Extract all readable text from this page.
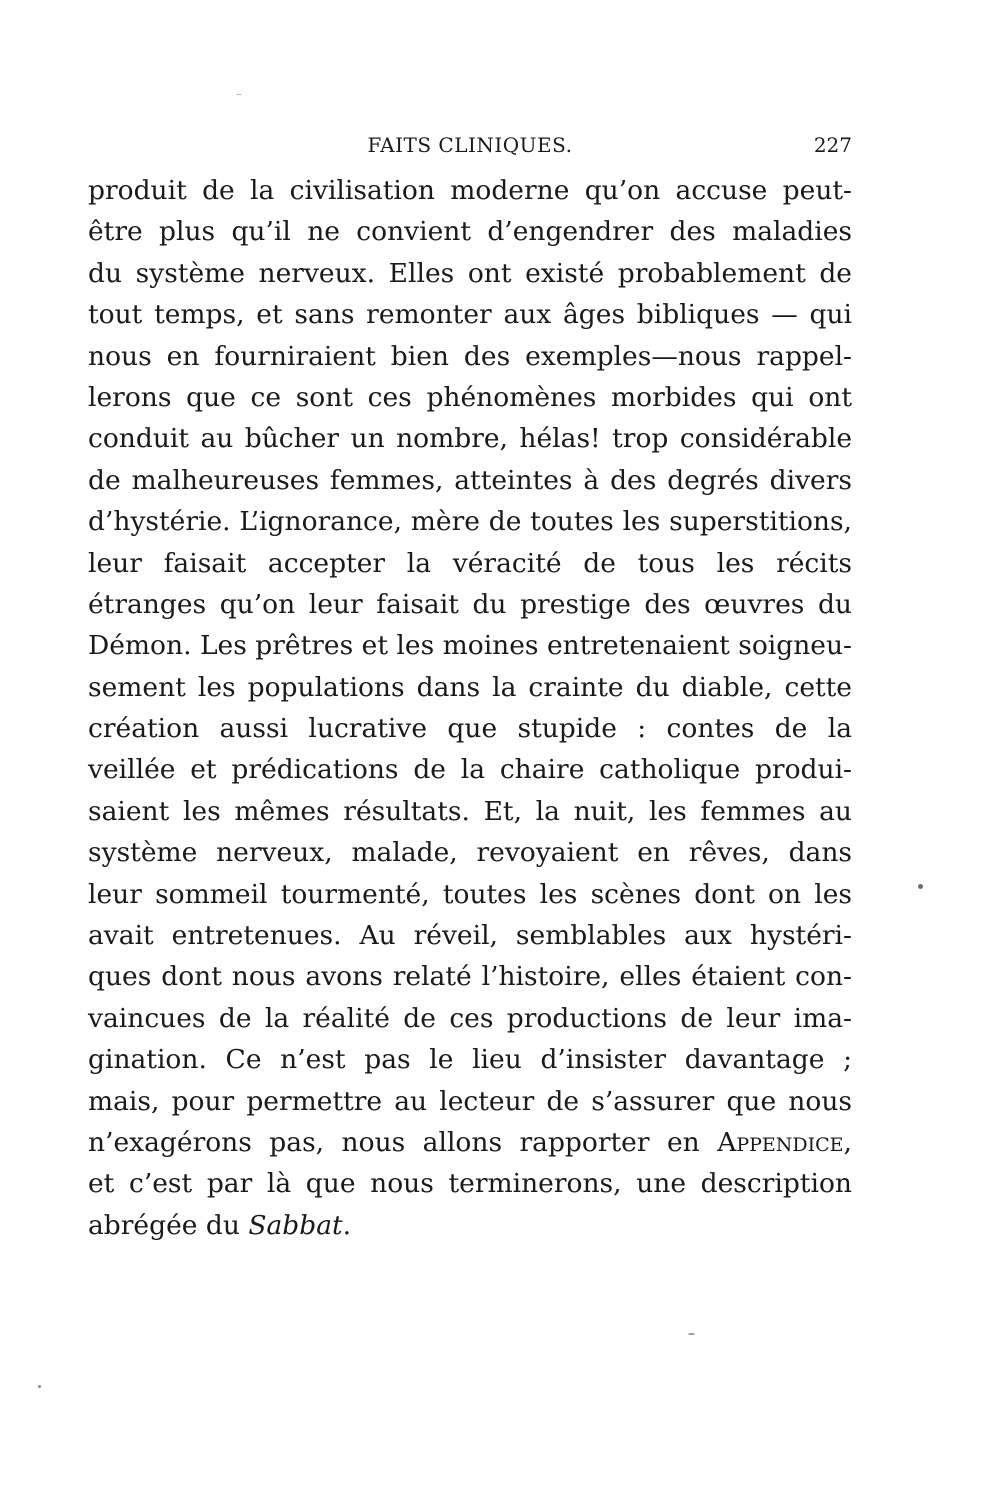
FAITS CLINIQUES.	227
produit de la civilisation moderne qu’on accuse peut-
être plus qu’il ne convient d’engendrer des maladies
du système nerveux. Elles ont existé probablement de
tout temps, et sans remonter aux âges bibliques — qui
nous en fourniraient bien des exemples—nous rappel-
lerons que ce sont ces phénomènes morbides qui ont
conduit au bûcher un nombre, hélas! trop considérable
de malheureuses femmes, atteintes à des degrés divers
d’hystérie. L’ignorance, mère de toutes les superstitions,
leur faisait accepter la véracité de tous les récits
étranges qu’on leur faisait du prestige des œuvres du
Démon. Les prêtres et les moines entretenaient soigneu-
sement les populations dans la crainte du diable, cette
création aussi lucrative que stupide : contes de la
veillée et prédications de la chaire catholique produi-
saient les mêmes résultats. Et, la nuit, les femmes au
système nerveux, malade, revoyaient en rêves, dans
leur sommeil tourmenté, toutes les scènes dont on les
avait entretenues. Au réveil, semblables aux hystéri-
ques dont nous avons relaté l’histoire, elles étaient con-
vaincues de la réalité de ces productions de leur ima-
gination. Ce n’est pas le lieu d’insister davantage ;
mais, pour permettre au lecteur de s’assurer que nous
n’exagérons pas, nous allons rapporter en Appendice,
et c’est par là que nous terminerons, une description
abrégée du Sabbat.
